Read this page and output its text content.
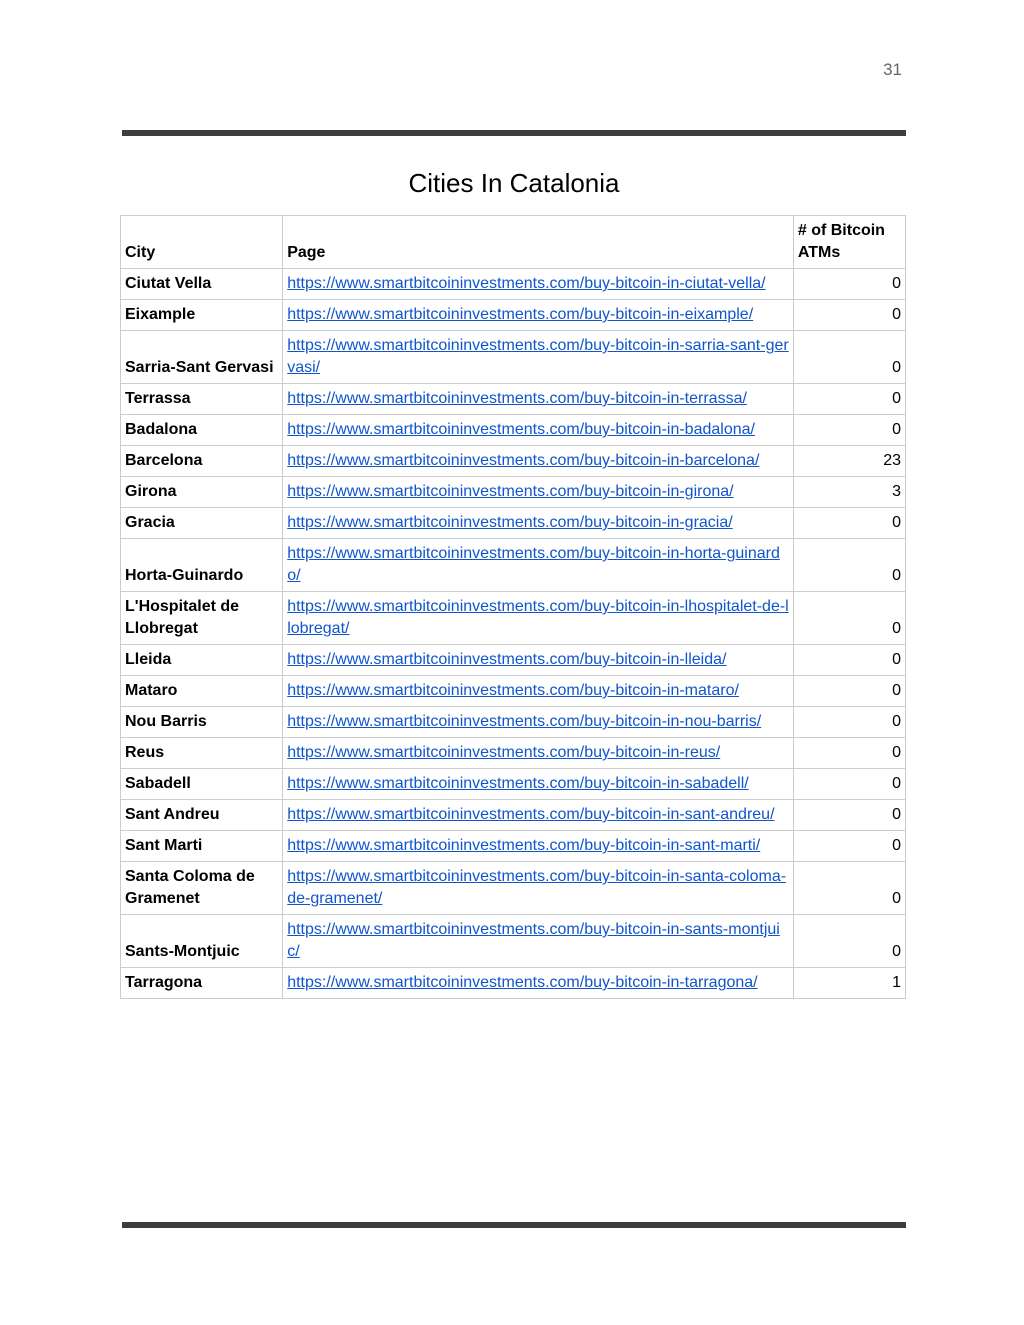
31
Cities In Catalonia
City	Page	# of Bitcoin ATMs
Ciutat Vella	https://www.smartbitcoininvestments.com/buy-bitcoin-in-ciutat-vella/	0
Eixample	https://www.smartbitcoininvestments.com/buy-bitcoin-in-eixample/	0
Sarria-Sant Gervasi	https://www.smartbitcoininvestments.com/buy-bitcoin-in-sarria-sant-gervasi/	0
Terrassa	https://www.smartbitcoininvestments.com/buy-bitcoin-in-terrassa/	0
Badalona	https://www.smartbitcoininvestments.com/buy-bitcoin-in-badalona/	0
Barcelona	https://www.smartbitcoininvestments.com/buy-bitcoin-in-barcelona/	23
Girona	https://www.smartbitcoininvestments.com/buy-bitcoin-in-girona/	3
Gracia	https://www.smartbitcoininvestments.com/buy-bitcoin-in-gracia/	0
Horta-Guinardo	https://www.smartbitcoininvestments.com/buy-bitcoin-in-horta-guinardo/	0
L'Hospitalet de Llobregat	https://www.smartbitcoininvestments.com/buy-bitcoin-in-lhospitalet-de-llobregat/	0
Lleida	https://www.smartbitcoininvestments.com/buy-bitcoin-in-lleida/	0
Mataro	https://www.smartbitcoininvestments.com/buy-bitcoin-in-mataro/	0
Nou Barris	https://www.smartbitcoininvestments.com/buy-bitcoin-in-nou-barris/	0
Reus	https://www.smartbitcoininvestments.com/buy-bitcoin-in-reus/	0
Sabadell	https://www.smartbitcoininvestments.com/buy-bitcoin-in-sabadell/	0
Sant Andreu	https://www.smartbitcoininvestments.com/buy-bitcoin-in-sant-andreu/	0
Sant Marti	https://www.smartbitcoininvestments.com/buy-bitcoin-in-sant-marti/	0
Santa Coloma de Gramenet	https://www.smartbitcoininvestments.com/buy-bitcoin-in-santa-coloma-de-gramenet/	0
Sants-Montjuic	https://www.smartbitcoininvestments.com/buy-bitcoin-in-sants-montjuic/	0
Tarragona	https://www.smartbitcoininvestments.com/buy-bitcoin-in-tarragona/	1
